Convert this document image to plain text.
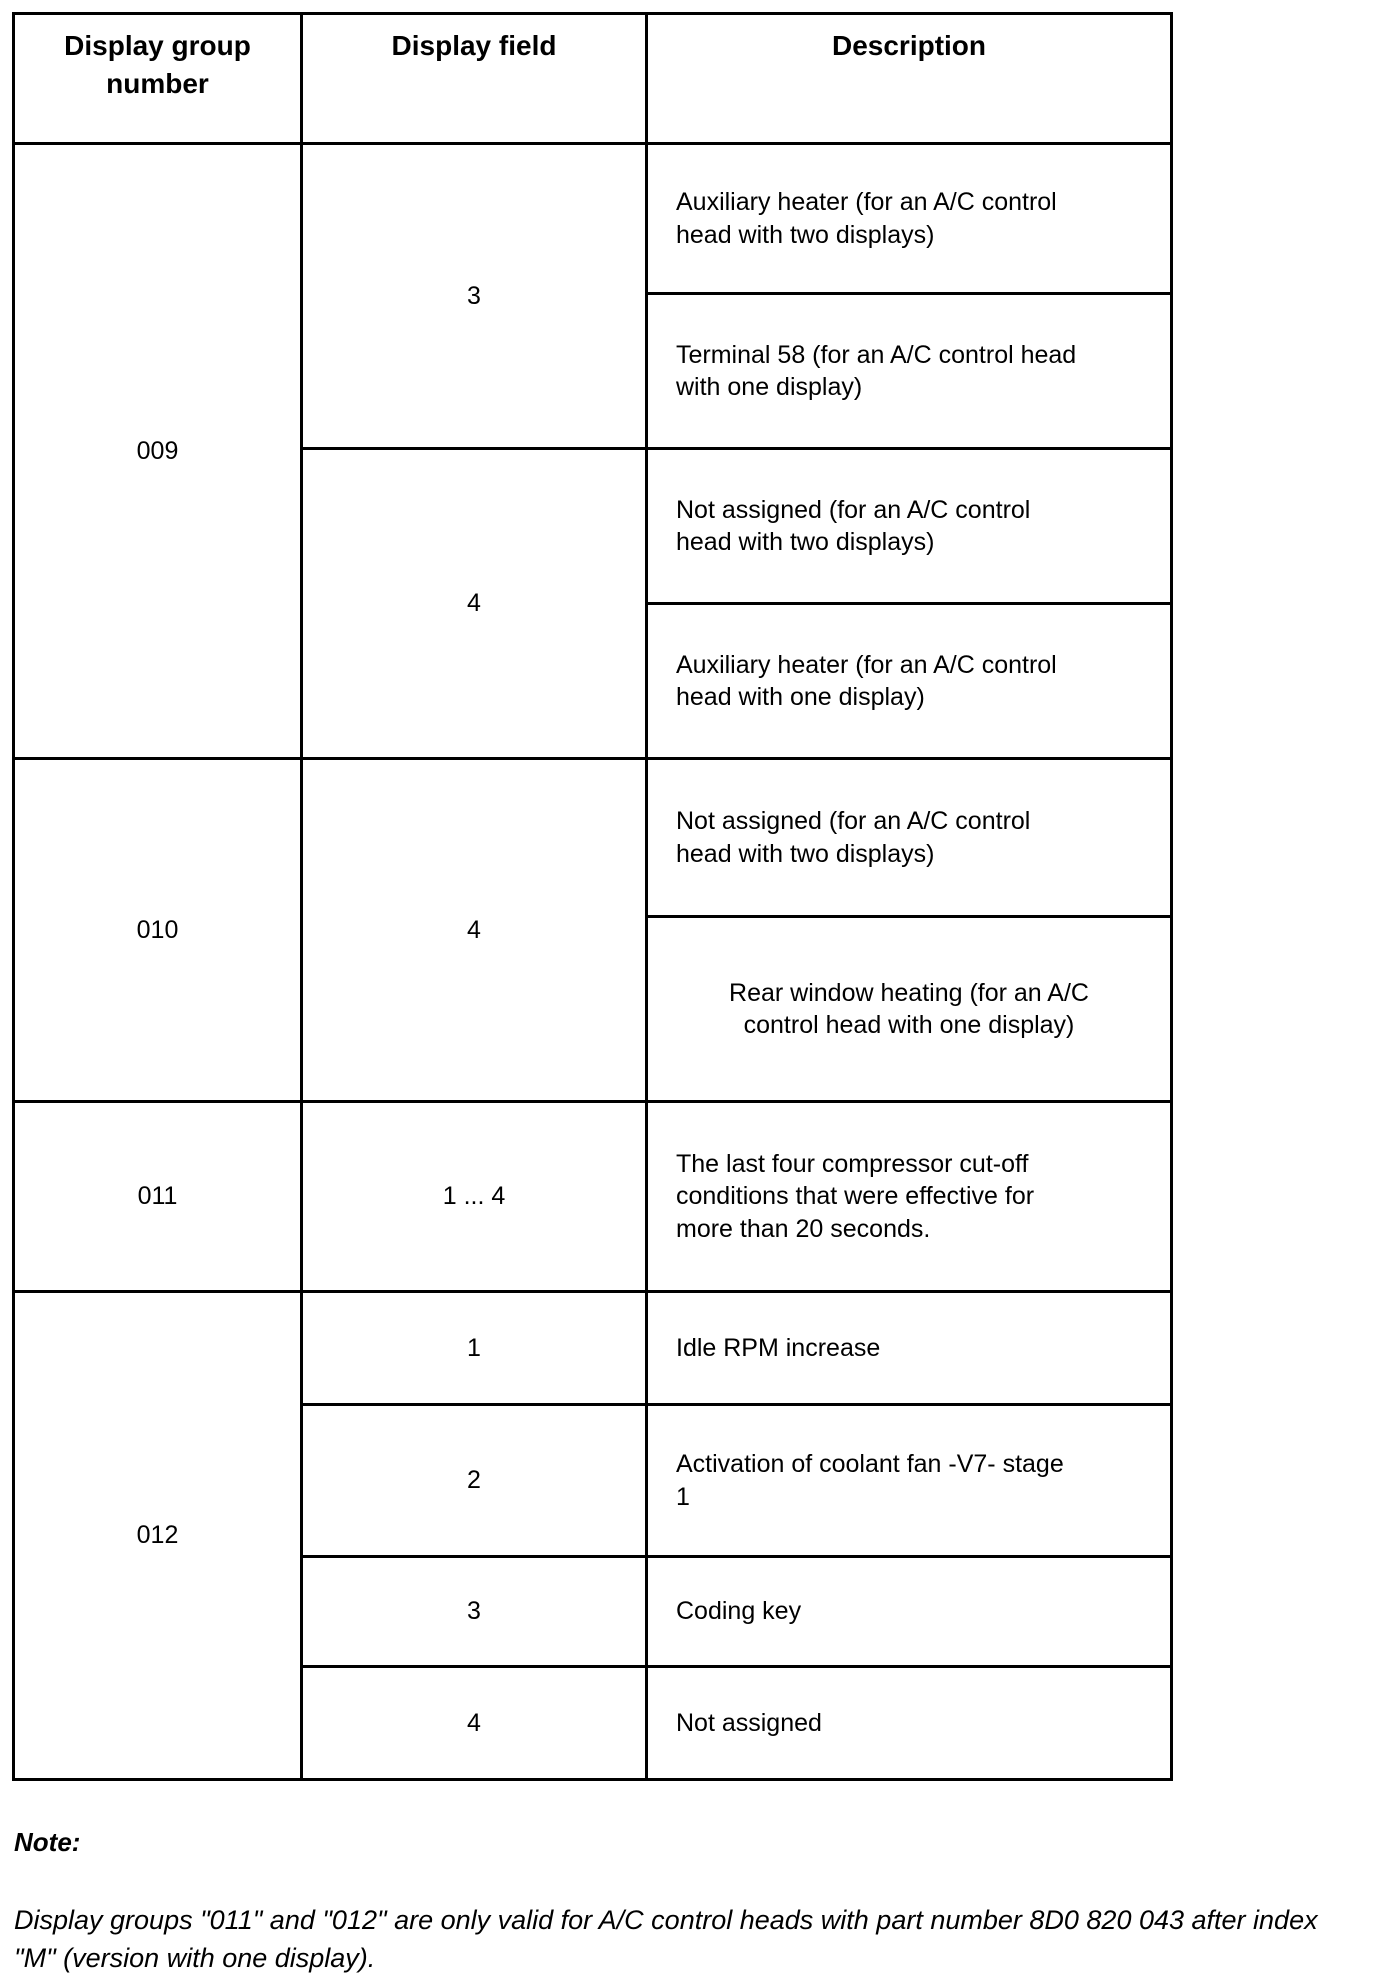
Display group number	Display field	Description
009	3	Auxiliary heater (for an A/C control head with two displays)
		Terminal 58 (for an A/C control head with one display)
	4	Not assigned (for an A/C control head with two displays)
		Auxiliary heater (for an A/C control head with one display)
010	4	Not assigned (for an A/C control head with two displays)
		Rear window heating (for an A/C control head with one display)
011	1 ... 4	The last four compressor cut-off conditions that were effective for more than 20 seconds.
012	1	Idle RPM increase
	2	Activation of coolant fan -V7- stage 1
	3	Coding key
	4	Not assigned

Note:

Display groups "011" and "012" are only valid for A/C control heads with part number 8D0 820 043 after index "M" (version with one display).
